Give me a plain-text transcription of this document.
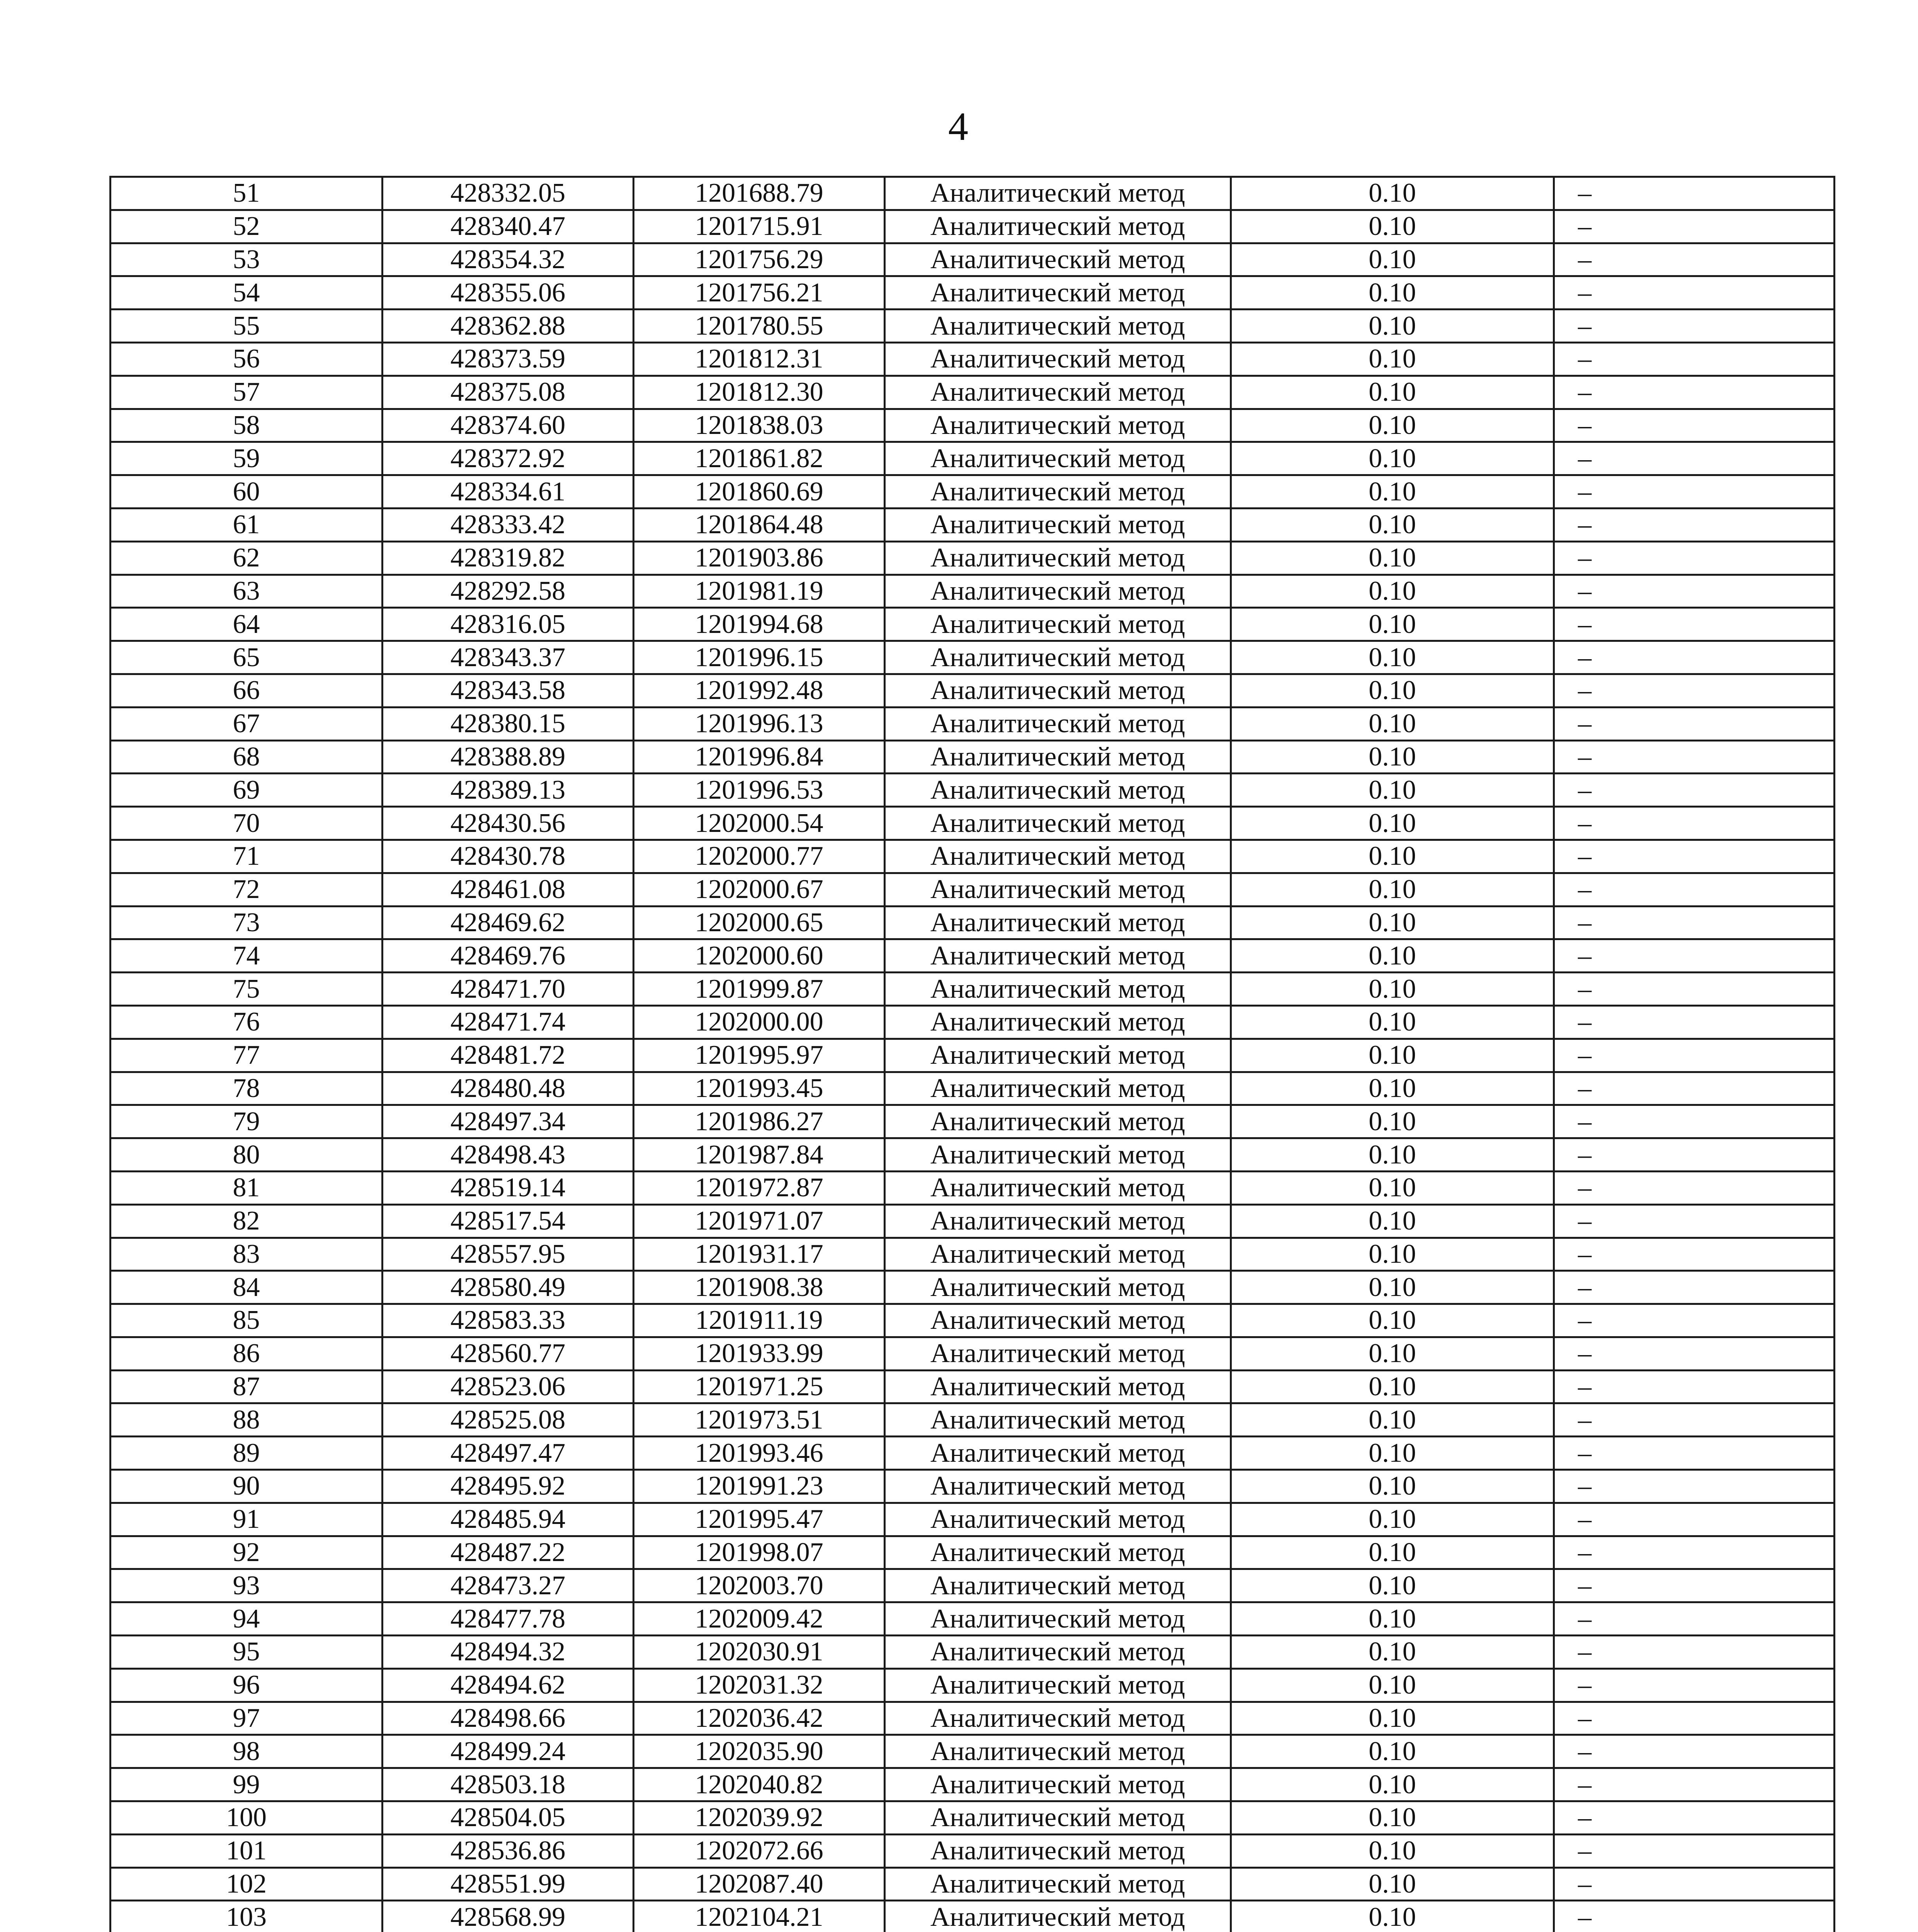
4
51	428332.05	1201688.79	Аналитический метод	0.10	–
52	428340.47	1201715.91	Аналитический метод	0.10	–
53	428354.32	1201756.29	Аналитический метод	0.10	–
54	428355.06	1201756.21	Аналитический метод	0.10	–
55	428362.88	1201780.55	Аналитический метод	0.10	–
56	428373.59	1201812.31	Аналитический метод	0.10	–
57	428375.08	1201812.30	Аналитический метод	0.10	–
58	428374.60	1201838.03	Аналитический метод	0.10	–
59	428372.92	1201861.82	Аналитический метод	0.10	–
60	428334.61	1201860.69	Аналитический метод	0.10	–
61	428333.42	1201864.48	Аналитический метод	0.10	–
62	428319.82	1201903.86	Аналитический метод	0.10	–
63	428292.58	1201981.19	Аналитический метод	0.10	–
64	428316.05	1201994.68	Аналитический метод	0.10	–
65	428343.37	1201996.15	Аналитический метод	0.10	–
66	428343.58	1201992.48	Аналитический метод	0.10	–
67	428380.15	1201996.13	Аналитический метод	0.10	–
68	428388.89	1201996.84	Аналитический метод	0.10	–
69	428389.13	1201996.53	Аналитический метод	0.10	–
70	428430.56	1202000.54	Аналитический метод	0.10	–
71	428430.78	1202000.77	Аналитический метод	0.10	–
72	428461.08	1202000.67	Аналитический метод	0.10	–
73	428469.62	1202000.65	Аналитический метод	0.10	–
74	428469.76	1202000.60	Аналитический метод	0.10	–
75	428471.70	1201999.87	Аналитический метод	0.10	–
76	428471.74	1202000.00	Аналитический метод	0.10	–
77	428481.72	1201995.97	Аналитический метод	0.10	–
78	428480.48	1201993.45	Аналитический метод	0.10	–
79	428497.34	1201986.27	Аналитический метод	0.10	–
80	428498.43	1201987.84	Аналитический метод	0.10	–
81	428519.14	1201972.87	Аналитический метод	0.10	–
82	428517.54	1201971.07	Аналитический метод	0.10	–
83	428557.95	1201931.17	Аналитический метод	0.10	–
84	428580.49	1201908.38	Аналитический метод	0.10	–
85	428583.33	1201911.19	Аналитический метод	0.10	–
86	428560.77	1201933.99	Аналитический метод	0.10	–
87	428523.06	1201971.25	Аналитический метод	0.10	–
88	428525.08	1201973.51	Аналитический метод	0.10	–
89	428497.47	1201993.46	Аналитический метод	0.10	–
90	428495.92	1201991.23	Аналитический метод	0.10	–
91	428485.94	1201995.47	Аналитический метод	0.10	–
92	428487.22	1201998.07	Аналитический метод	0.10	–
93	428473.27	1202003.70	Аналитический метод	0.10	–
94	428477.78	1202009.42	Аналитический метод	0.10	–
95	428494.32	1202030.91	Аналитический метод	0.10	–
96	428494.62	1202031.32	Аналитический метод	0.10	–
97	428498.66	1202036.42	Аналитический метод	0.10	–
98	428499.24	1202035.90	Аналитический метод	0.10	–
99	428503.18	1202040.82	Аналитический метод	0.10	–
100	428504.05	1202039.92	Аналитический метод	0.10	–
101	428536.86	1202072.66	Аналитический метод	0.10	–
102	428551.99	1202087.40	Аналитический метод	0.10	–
103	428568.99	1202104.21	Аналитический метод	0.10	–
